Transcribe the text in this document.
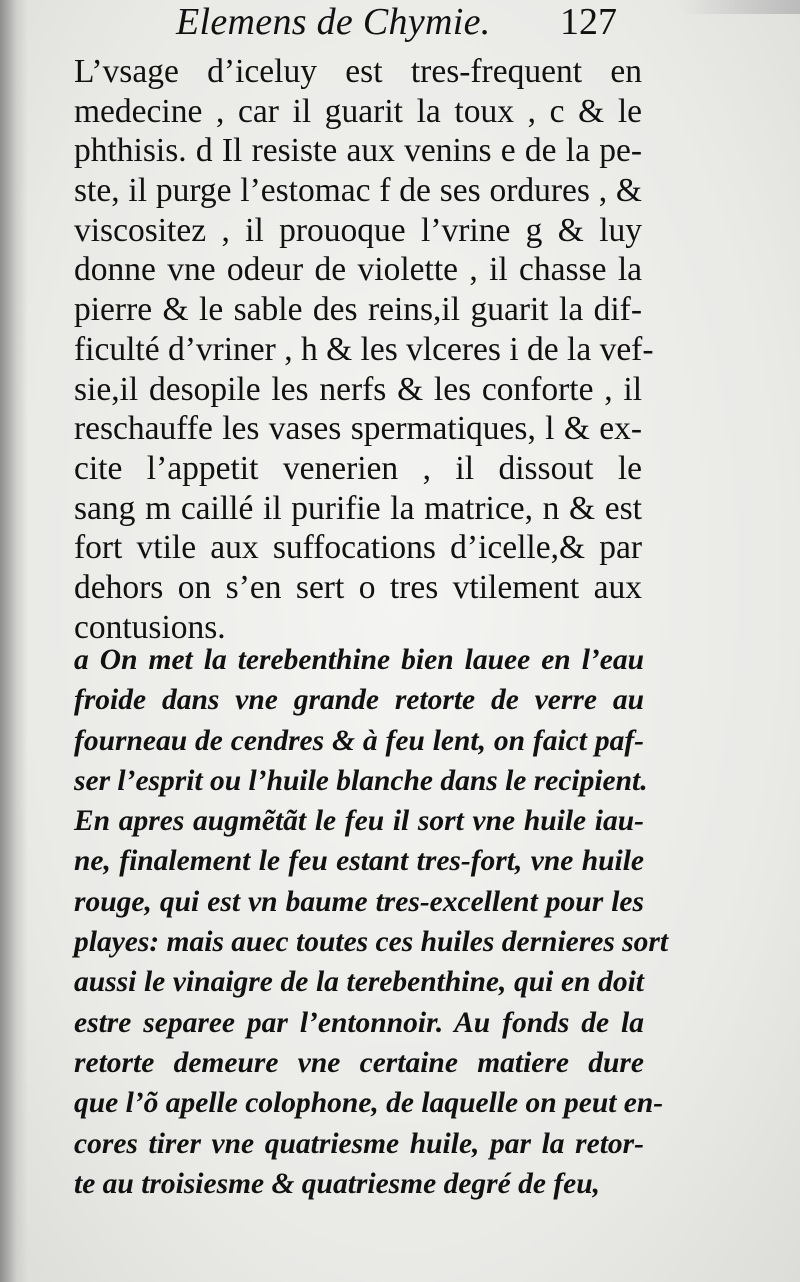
Elemens de Chymie. 127
L’vsage d’iceluy est tres-frequent en
medecine , car il guarit la toux , c & le
phthisis. d Il resiste aux venins e de la pe-
ste, il purge l’estomac f de ses ordures , &
viscositez , il prouoque l’vrine g & luy
donne vne odeur de violette , il chasse la
pierre & le sable des reins,il guarit la dif-
ficulté d’vriner , h & les vlceres i de la vef-
sie,il desopile les nerfs & les conforte , il
reschauffe les vases spermatiques, l & ex-
cite l’appetit venerien , il dissout le
sang m caillé il purifie la matrice, n & est
fort vtile aux suffocations d’icelle,& par
dehors on s’en sert o tres vtilement aux
contusions.
a On met la terebenthine bien lauee en l’eau
froide dans vne grande retorte de verre au
fourneau de cendres & à feu lent, on faict paf-
ser l’esprit ou l’huile blanche dans le recipient.
En apres augmẽtãt le feu il sort vne huile iau-
ne, finalement le feu estant tres-fort, vne huile
rouge, qui est vn baume tres-excellent pour les
playes: mais auec toutes ces huiles dernieres sort
aussi le vinaigre de la terebenthine, qui en doit
estre separee par l’entonnoir. Au fonds de la
retorte demeure vne certaine matiere dure
que l’õ apelle colophone, de laquelle on peut en-
cores tirer vne quatriesme huile, par la retor-
te au troisiesme & quatriesme degré de feu,
